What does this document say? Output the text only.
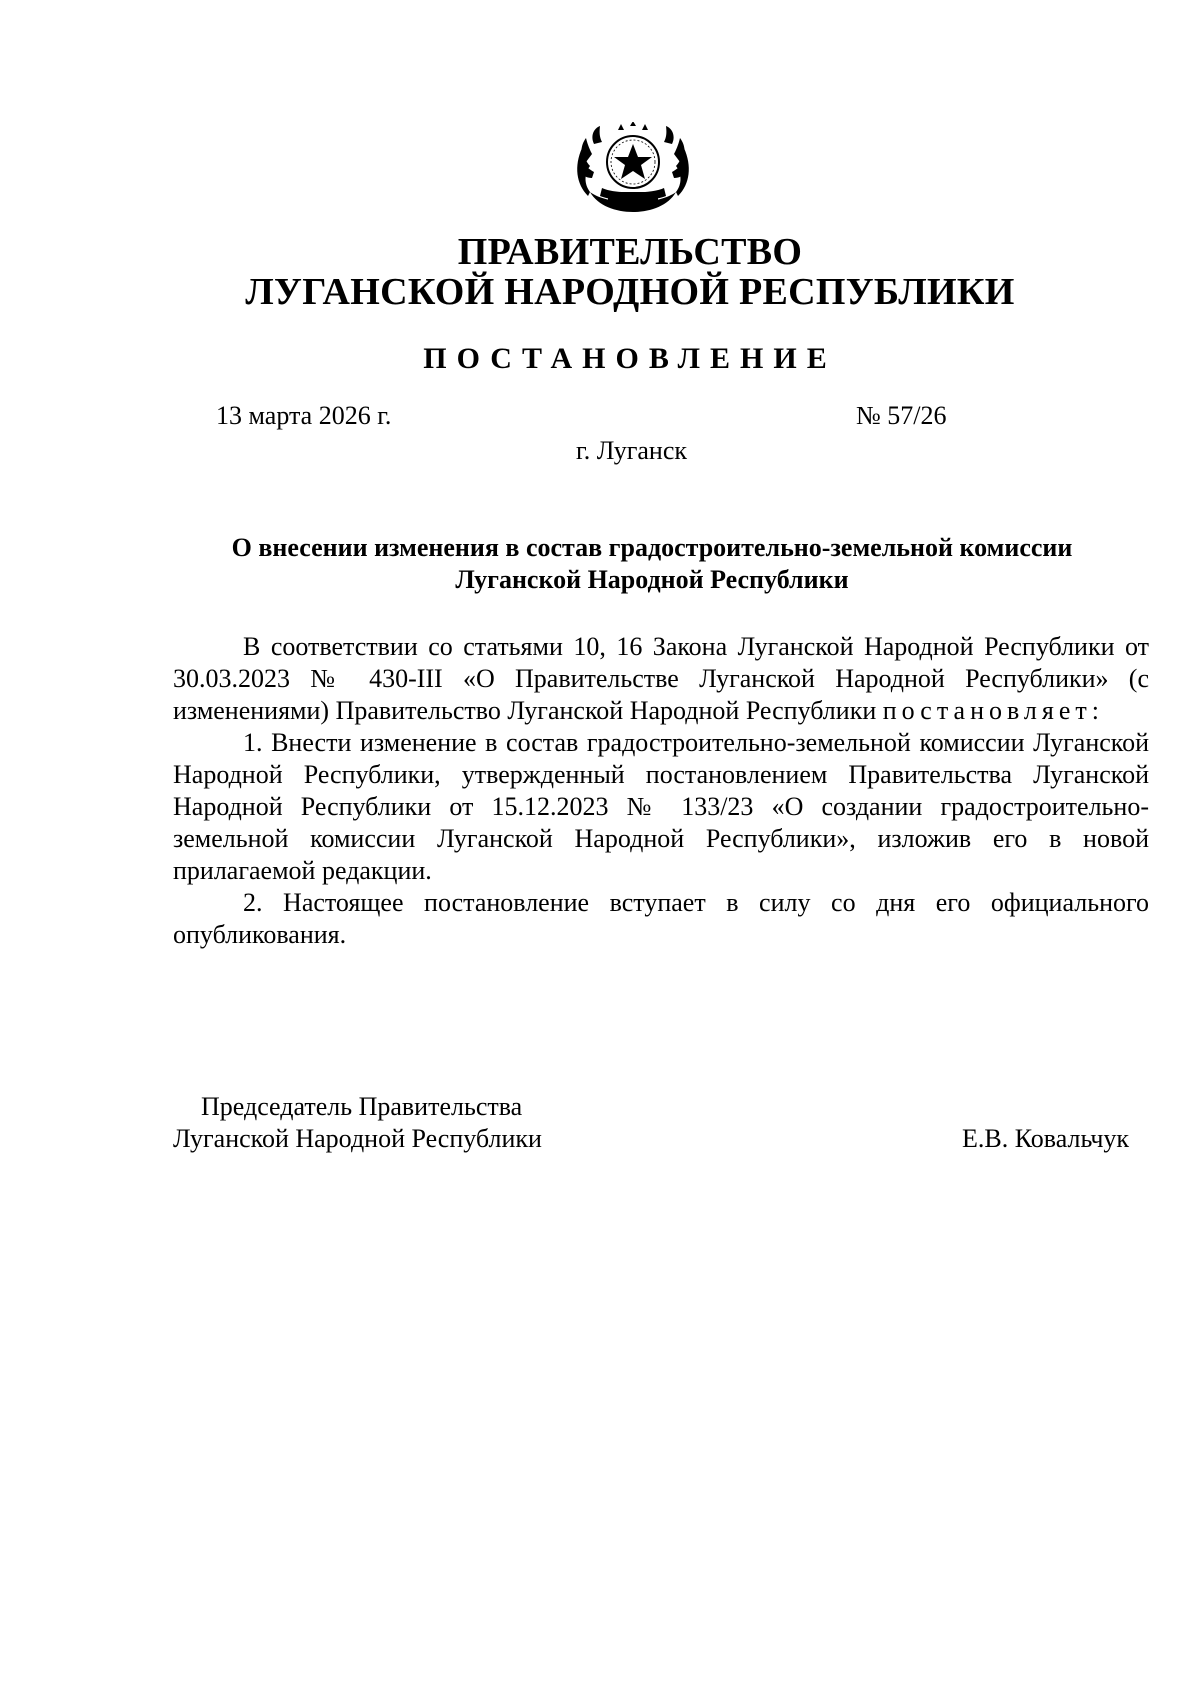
ПРАВИТЕЛЬСТВО
ЛУГАНСКОЙ НАРОДНОЙ РЕСПУБЛИКИ
ПОСТАНОВЛЕНИЕ
13 марта 2026 г.	№ 57/26
г. Луганск
О внесении изменения в состав градостроительно-земельной комиссии
Луганской Народной Республики

В соответствии со статьями 10, 16 Закона Луганской Народной Республики от 30.03.2023 № 430-III «О Правительстве Луганской Народной Республики» (с изменениями) Правительство Луганской Народной Республики постановляет:

1. Внести изменение в состав градостроительно-земельной комиссии Луганской Народной Республики, утвержденный постановлением Правительства Луганской Народной Республики от 15.12.2023 № 133/23 «О создании градостроительно-земельной комиссии Луганской Народной Республики», изложив его в новой прилагаемой редакции.

2. Настоящее постановление вступает в силу со дня его официального опубликования.

Председатель Правительства
Луганской Народной Республики	Е.В. Ковальчук
